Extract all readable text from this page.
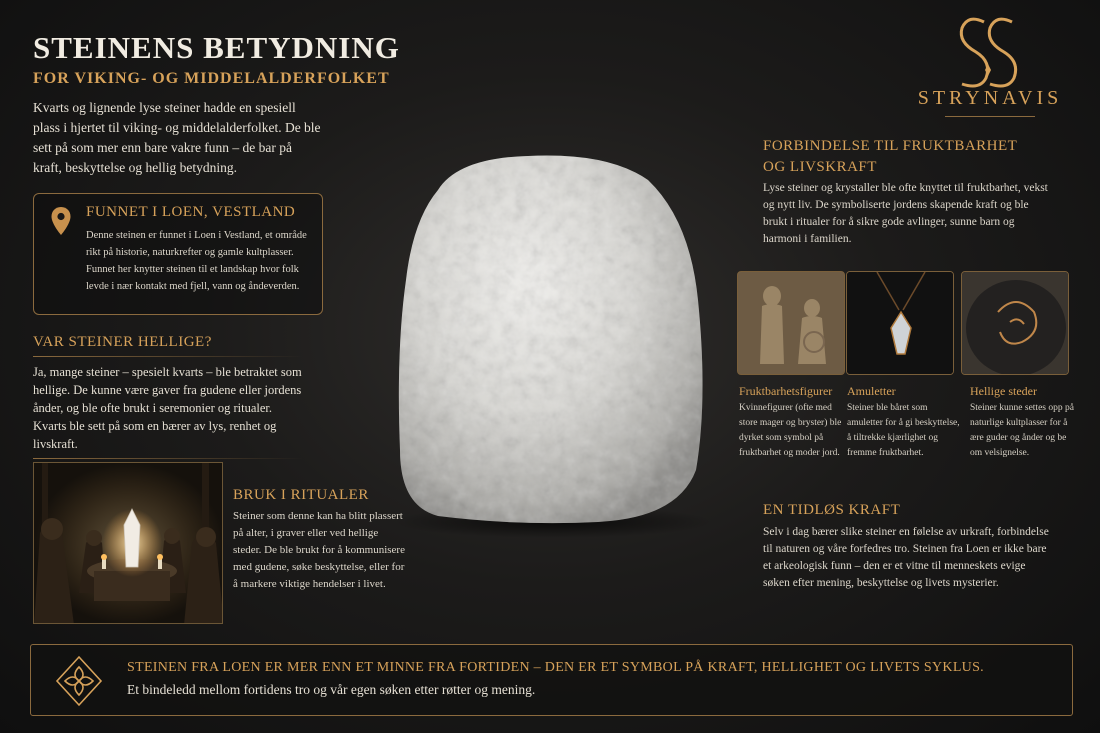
STEINENS BETYDNING
FOR VIKING- OG MIDDELALDERFOLKET

Kvarts og lignende lyse steiner hadde en spesiell plass i hjertet til viking- og middelalderfolket. De ble sett på som mer enn bare vakre funn – de bar på kraft, beskyttelse og hellig betydning.

FUNNET I LOEN, VESTLAND

Denne steinen er funnet i Loen i Vestland, et område rikt på historie, naturkrefter og gamle kultplasser. Funnet her knytter steinen til et landskap hvor folk levde i nær kontakt med fjell, vann og åndeverden.

VAR STEINER HELLIGE?

Ja, mange steiner – spesielt kvarts – ble betraktet som hellige. De kunne være gaver fra gudene eller jordens ånder, og ble ofte brukt i seremonier og ritualer. Kvarts ble sett på som en bærer av lys, renhet og livskraft.

BRUK I RITUALER

Steiner som denne kan ha blitt plassert på alter, i graver eller ved hellige steder. De ble brukt for å kommunisere med gudene, søke beskyttelse, eller for å markere viktige hendelser i livet.

STRYNAVIS
FORBINDELSE TIL FRUKTBARHET
OG LIVSKRAFT

Lyse steiner og krystaller ble ofte knyttet til fruktbarhet, vekst og nytt liv. De symboliserte jordens skapende kraft og ble brukt i ritualer for å sikre gode avlinger, sunne barn og harmoni i familien.

Fruktbarhetsfigurer

Kvinnefigurer (ofte med store mager og bryster) ble dyrket som symbol på fruktbarhet og moder jord.

Amuletter

Steiner ble båret som amuletter for å gi beskyttelse, å tiltrekke kjærlighet og fremme fruktbarhet.

Hellige steder

Steiner kunne settes opp på naturlige kultplasser for å ære guder og ånder og be om velsignelse.

EN TIDLØS KRAFT

Selv i dag bærer slike steiner en følelse av urkraft, forbindelse til naturen og våre forfedres tro. Steinen fra Loen er ikke bare et arkeologisk funn – den er et vitne til menneskets evige søken efter mening, beskyttelse og livets mysterier.

STEINEN FRA LOEN ER MER ENN ET MINNE FRA FORTIDEN – DEN ER ET SYMBOL PÅ KRAFT, HELLIGHET OG LIVETS SYKLUS.
Et bindeledd mellom fortidens tro og vår egen søken etter røtter og mening.
